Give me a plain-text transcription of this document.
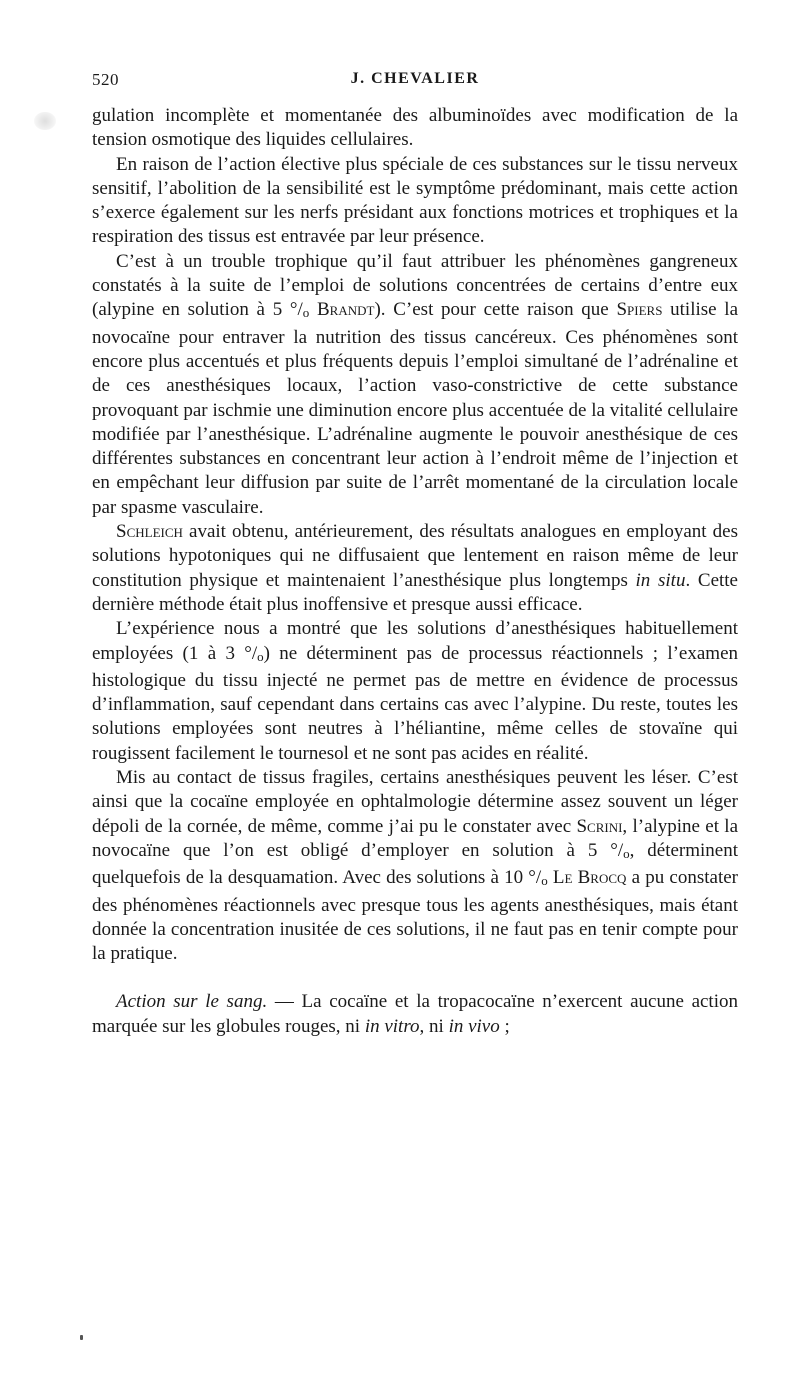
520	J. CHEVALIER

gulation incomplète et momentanée des albuminoïdes avec modification de la tension osmotique des liquides cellulaires.

En raison de l’action élective plus spéciale de ces substances sur le tissu nerveux sensitif, l’abolition de la sensibilité est le symptôme prédominant, mais cette action s’exerce également sur les nerfs présidant aux fonctions motrices et trophiques et la respiration des tissus est entravée par leur présence.

C’est à un trouble trophique qu’il faut attribuer les phénomènes gangreneux constatés à la suite de l’emploi de solutions concentrées de certains d’entre eux (alypine en solution à 5 $^\circ/_o$ Brandt). C’est pour cette raison que Spiers utilise la novocaïne pour entraver la nutrition des tissus cancéreux. Ces phénomènes sont encore plus accentués et plus fréquents depuis l’emploi simultané de l’adrénaline et de ces anesthésiques locaux, l’action vaso-constrictive de cette substance provoquant par ischmie une diminution encore plus accentuée de la vitalité cellulaire modifiée par l’anesthésique. L’adrénaline augmente le pouvoir anesthésique de ces différentes substances en concentrant leur action à l’endroit même de l’injection et en empêchant leur diffusion par suite de l’arrêt momentané de la circulation locale par spasme vasculaire.

Schleich avait obtenu, antérieurement, des résultats analogues en employant des solutions hypotoniques qui ne diffusaient que lentement en raison même de leur constitution physique et maintenaient l’anesthésique plus longtemps in situ. Cette dernière méthode était plus inoffensive et presque aussi efficace.

L’expérience nous a montré que les solutions d’anesthésiques habituellement employées (1 à 3 $^\circ/_o$) ne déterminent pas de processus réactionnels ; l’examen histologique du tissu injecté ne permet pas de mettre en évidence de processus d’inflammation, sauf cependant dans certains cas avec l’alypine. Du reste, toutes les solutions employées sont neutres à l’héliantine, même celles de stovaïne qui rougissent facilement le tournesol et ne sont pas acides en réalité.

Mis au contact de tissus fragiles, certains anesthésiques peuvent les léser. C’est ainsi que la cocaïne employée en ophtalmologie détermine assez souvent un léger dépoli de la cornée, de même, comme j’ai pu le constater avec Scrini, l’alypine et la novocaïne que l’on est obligé d’employer en solution à 5 $^\circ/_o$, déterminent quelquefois de la desquamation. Avec des solutions à 10 $^\circ/_o$ Le Brocq a pu constater des phénomènes réactionnels avec presque tous les agents anesthésiques, mais étant donnée la concentration inusitée de ces solutions, il ne faut pas en tenir compte pour la pratique.

Action sur le sang. — La cocaïne et la tropacocaïne n’exercent aucune action marquée sur les globules rouges, ni in vitro, ni in vivo ;
